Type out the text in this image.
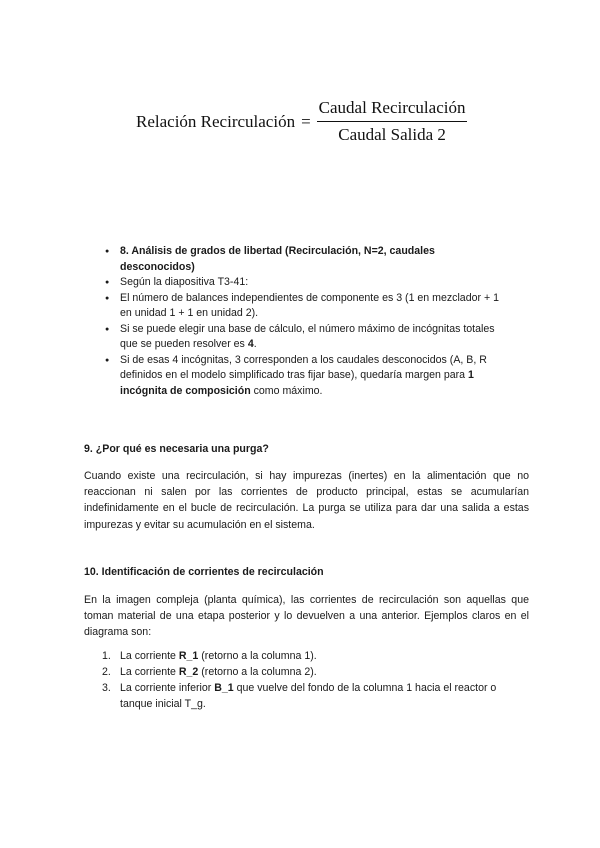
Relación Recirculación = $\frac{\text{Caudal Recirculación}}{\text{Caudal Salida 2}}$
● 8. Análisis de grados de libertad (Recirculación, N=2, caudales desconocidos)
● Según la diapositiva T3-41:
● El número de balances independientes de componente es 3 (1 en mezclador + 1 en unidad 1 + 1 en unidad 2).
● Si se puede elegir una base de cálculo, el número máximo de incógnitas totales que se pueden resolver es 4.
● Si de esas 4 incógnitas, 3 corresponden a los caudales desconocidos (A, B, R definidos en el modelo simplificado tras fijar base), quedaría margen para 1 incógnita de composición como máximo.
9. ¿Por qué es necesaria una purga?

Cuando existe una recirculación, si hay impurezas (inertes) en la alimentación que no reaccionan ni salen por las corrientes de producto principal, estas se acumularían indefinidamente en el bucle de recirculación. La purga se utiliza para dar una salida a estas impurezas y evitar su acumulación en el sistema.

10. Identificación de corrientes de recirculación

En la imagen compleja (planta química), las corrientes de recirculación son aquellas que toman material de una etapa posterior y lo devuelven a una anterior. Ejemplos claros en el diagrama son:

1. La corriente R_1 (retorno a la columna 1).
2. La corriente R_2 (retorno a la columna 2).
3. La corriente inferior B_1 que vuelve del fondo de la columna 1 hacia el reactor o tanque inicial T_g.
